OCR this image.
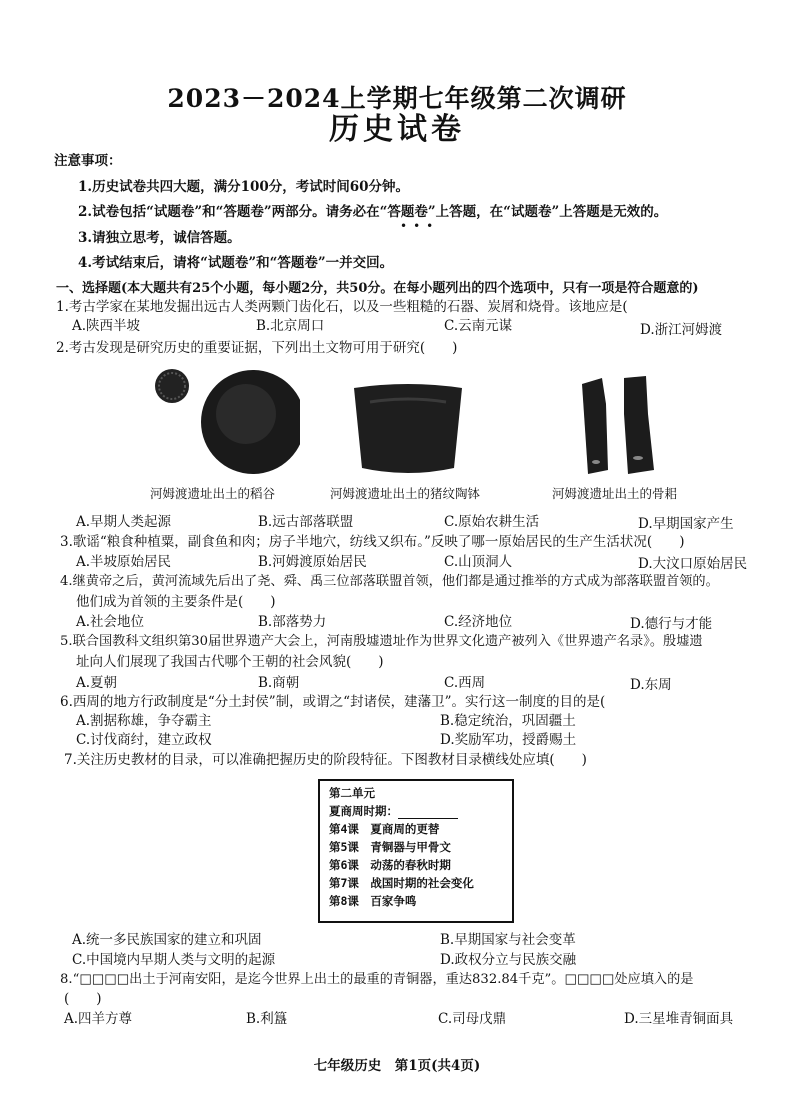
2023－2024上学期七年级第二次调研
历史试卷
注意事项：
1.历史试卷共四大题，满分100分，考试时间60分钟。
2.试卷包括“试题卷”和“答题卷”两部分。请务必在“答题卷”上答题，在“试题卷”上答题是无效的。
•••
3.请独立思考，诚信答题。
4.考试结束后，请将“试题卷”和“答题卷”一并交回。
一、选择题(本大题共有25个小题，每小题2分，共50分。在每小题列出的四个选项中，只有一项是符合题意的)
1.考古学家在某地发掘出远古人类两颗门齿化石，以及一些粗糙的石器、炭屑和烧骨。该地应是(
A.陕西半坡	B.北京周口	C.云南元谋	D.浙江河姆渡
2.考古发现是研究历史的重要证据，下列出土文物可用于研究(　　)
河姆渡遗址出土的稻谷	河姆渡遗址出土的猪纹陶钵	河姆渡遗址出土的骨耜
A.早期人类起源	B.远古部落联盟	C.原始农耕生活	D.早期国家产生
3.歌谣“粮食种植粟，副食鱼和肉；房子半地穴，纺线又织布。”反映了哪一原始居民的生产生活状况(　　)
A.半坡原始居民	B.河姆渡原始居民	C.山顶洞人	D.大汶口原始居民
4.继黄帝之后，黄河流域先后出了尧、舜、禹三位部落联盟首领，他们都是通过推举的方式成为部落联盟首领的。
他们成为首领的主要条件是(　　)
A.社会地位	B.部落势力	C.经济地位	D.德行与才能
5.联合国教科文组织第30届世界遗产大会上，河南殷墟遗址作为世界文化遗产被列入《世界遗产名录》。殷墟遗
址向人们展现了我国古代哪个王朝的社会风貌(　　)
A.夏朝	B.商朝	C.西周	D.东周
6.西周的地方行政制度是“分土封侯”制，或谓之“封诸侯，建藩卫”。实行这一制度的目的是(
A.割据称雄，争夺霸主	B.稳定统治，巩固疆土
C.讨伐商纣，建立政权	D.奖励军功，授爵赐土
7.关注历史教材的目录，可以准确把握历史的阶段特征。下图教材目录横线处应填(　　)
第二单元
夏商周时期：
第4课　夏商周的更替
第5课　青铜器与甲骨文
第6课　动荡的春秋时期
第7课　战国时期的社会变化
第8课　百家争鸣
A.统一多民族国家的建立和巩固	B.早期国家与社会变革
C.中国境内早期人类与文明的起源	D.政权分立与民族交融
8.“□□□□出土于河南安阳，是迄今世界上出土的最重的青铜器，重达832.84千克”。□□□□处应填入的是
(　　)
A.四羊方尊	B.利簋	C.司母戊鼎	D.三星堆青铜面具
七年级历史　第1页(共4页)
